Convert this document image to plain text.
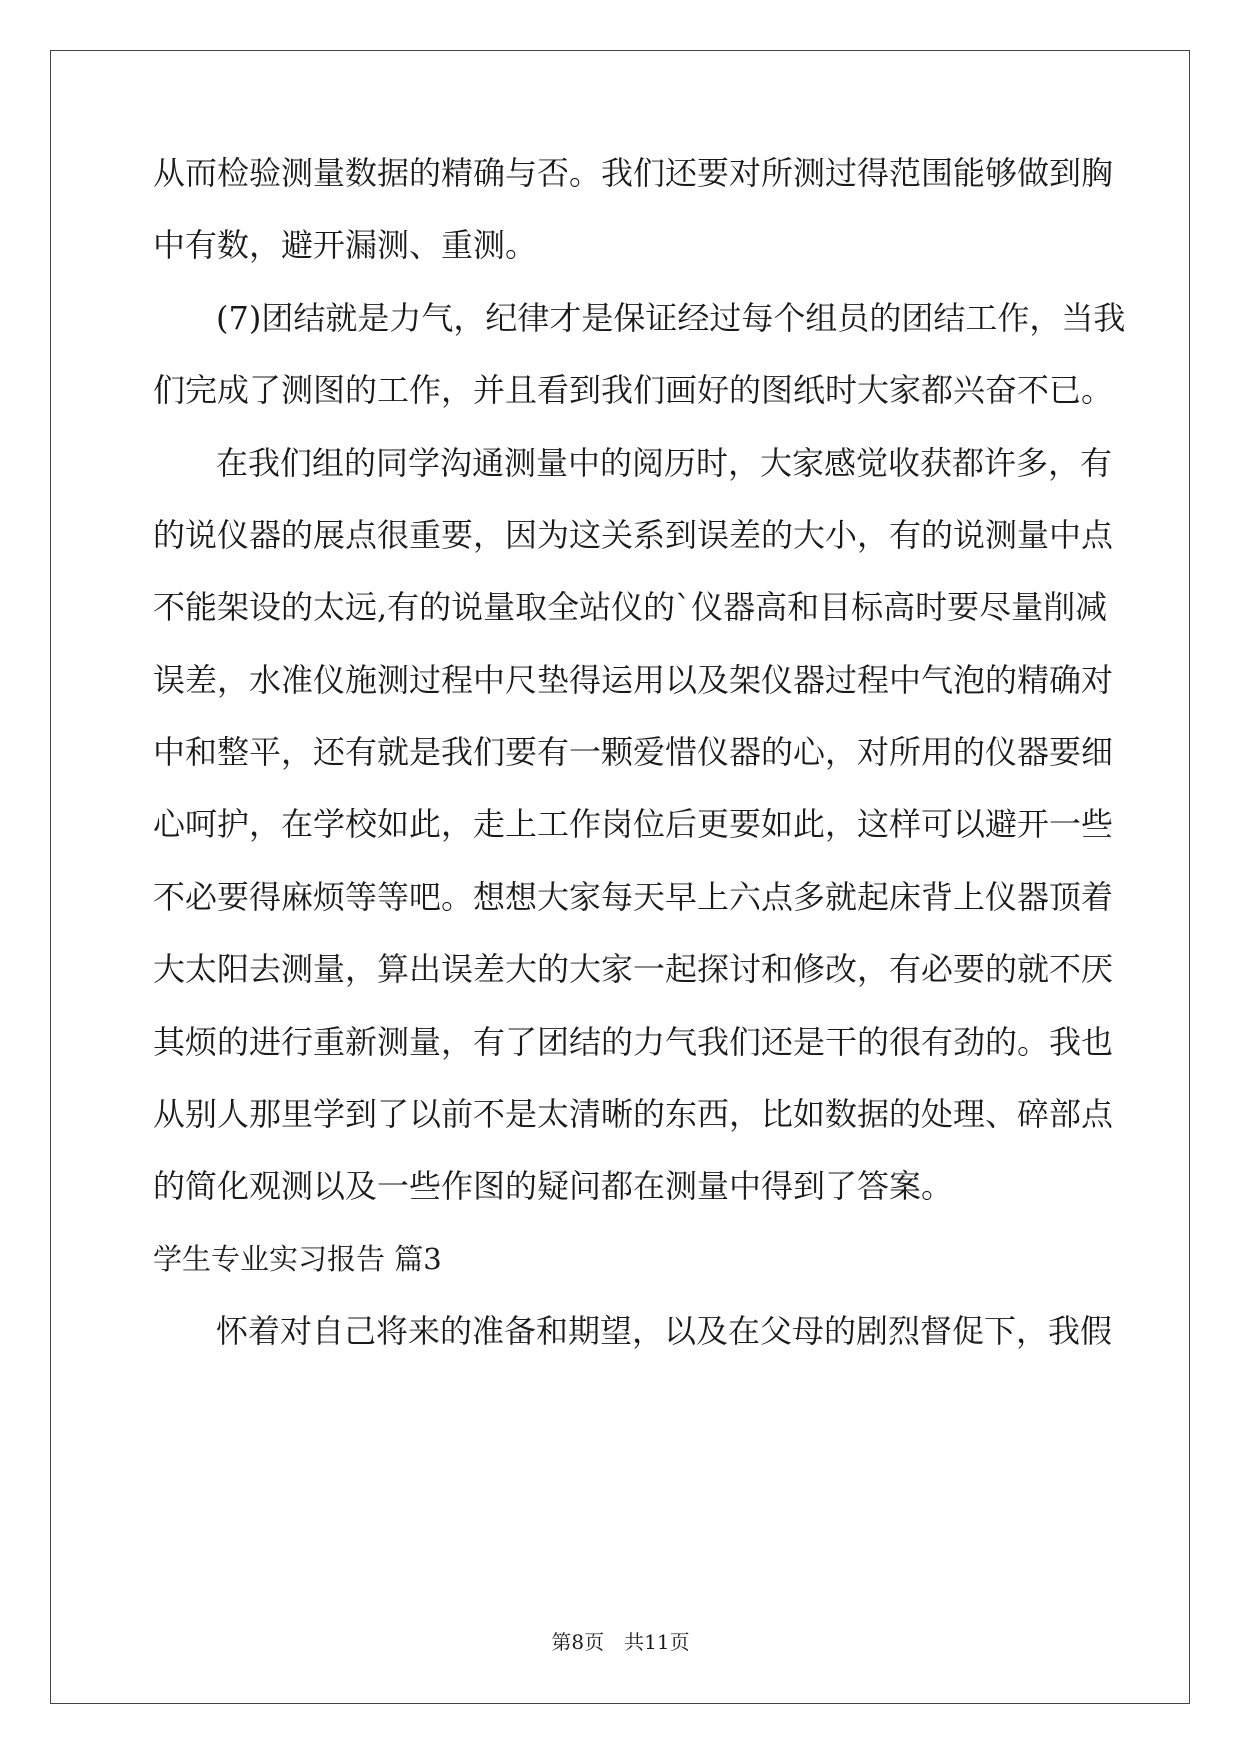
从而检验测量数据的精确与否。我们还要对所测过得范围能够做到胸
中有数，避开漏测、重测。
(7)团结就是力气，纪律才是保证经过每个组员的团结工作，当我
们完成了测图的工作，并且看到我们画好的图纸时大家都兴奋不已。
在我们组的同学沟通测量中的阅历时，大家感觉收获都许多，有
的说仪器的展点很重要，因为这关系到误差的大小，有的说测量中点
不能架设的太远,有的说量取全站仪的`仪器高和目标高时要尽量削减
误差，水准仪施测过程中尺垫得运用以及架仪器过程中气泡的精确对
中和整平，还有就是我们要有一颗爱惜仪器的心，对所用的仪器要细
心呵护，在学校如此，走上工作岗位后更要如此，这样可以避开一些
不必要得麻烦等等吧。想想大家每天早上六点多就起床背上仪器顶着
大太阳去测量，算出误差大的大家一起探讨和修改，有必要的就不厌
其烦的进行重新测量，有了团结的力气我们还是干的很有劲的。我也
从别人那里学到了以前不是太清晰的东西，比如数据的处理、碎部点
的简化观测以及一些作图的疑问都在测量中得到了答案。
学生专业实习报告 篇3
怀着对自己将来的准备和期望，以及在父母的剧烈督促下，我假
第8页　共11页
